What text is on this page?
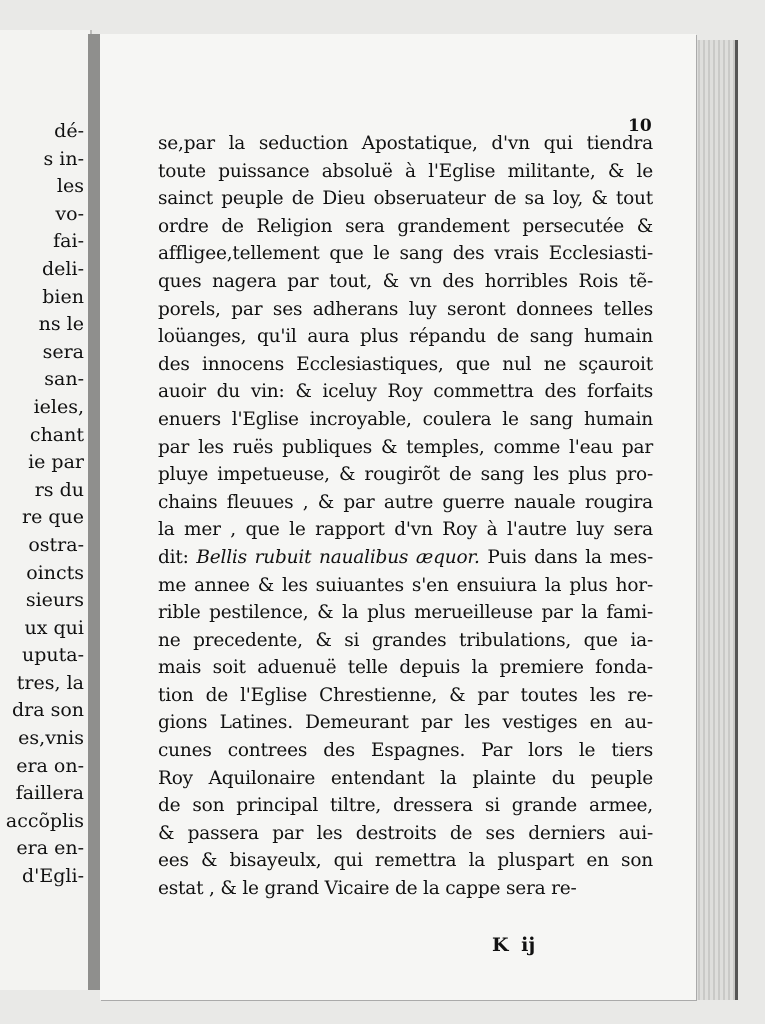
dé-
s in-
les
vo-
fai-
deli-
bien
ns le
sera
san-
ieles,
chant
ie par
rs du
re que
ostra-
oincts
sieurs
ux qui
uputa-
tres, la
dra son
es,vnis
era on-
faillera
accõplis
era en-
d'Egli-
10
se,par la seduction Apostatique, d'vn qui tiendra
toute puissance absoluë à l'Eglise militante, & le
sainct peuple de Dieu obseruateur de sa loy, & tout
ordre de Religion sera grandement persecutée &
affligee,tellement que le sang des vrais Ecclesiasti-
ques nagera par tout, & vn des horribles Rois tẽ-
porels, par ses adherans luy seront donnees telles
loüanges, qu'il aura plus répandu de sang humain
des innocens Ecclesiastiques, que nul ne sçauroit
auoir du vin: & iceluy Roy commettra des forfaits
enuers l'Eglise incroyable, coulera le sang humain
par les ruës publiques & temples, comme l'eau par
pluye impetueuse, & rougirõt de sang les plus pro-
chains fleuues , & par autre guerre nauale rougira
la mer , que le rapport d'vn Roy à l'autre luy sera
dit: Bellis rubuit naualibus æquor. Puis dans la mes-
me annee & les suiuantes s'en ensuiura la plus hor-
rible pestilence, & la plus merueilleuse par la fami-
ne precedente, & si grandes tribulations, que ia-
mais soit aduenuë telle depuis la premiere fonda-
tion de l'Eglise Chrestienne, & par toutes les re-
gions Latines. Demeurant par les vestiges en au-
cunes contrees des Espagnes. Par lors le tiers
Roy Aquilonaire entendant la plainte du peuple
de son principal tiltre, dressera si grande armee,
& passera par les destroits de ses derniers aui-
ees & bisayeulx, qui remettra la pluspart en son
estat , & le grand Vicaire de la cappe sera re-
K ij
